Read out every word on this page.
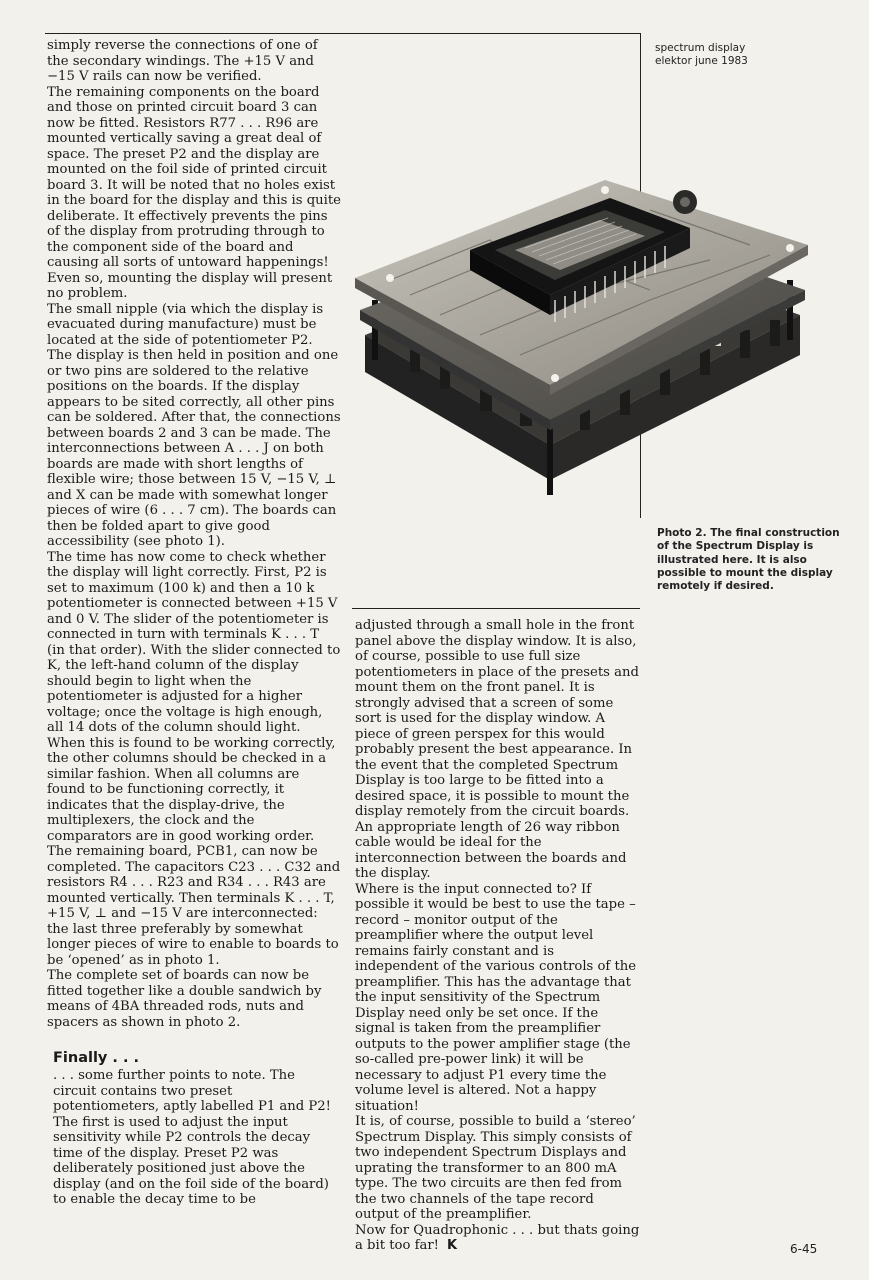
spectrum display
elektor june 1983
Photo 2. The final construction of the Spectrum Display is illustrated here. It is also possible to mount the display remotely if desired.

simply reverse the connections of one of the secondary windings. The +15 V and −15 V rails can now be verified.

The remaining components on the board and those on printed circuit board 3 can now be fitted. Resistors R77 . . . R96 are mounted vertically saving a great deal of space. The preset P2 and the display are mounted on the foil side of printed circuit board 3. It will be noted that no holes exist in the board for the display and this is quite deliberate. It effectively prevents the pins of the display from protruding through to the component side of the board and causing all sorts of untoward happenings! Even so, mounting the display will present no problem.

The small nipple (via which the display is evacuated during manufacture) must be located at the side of potentiometer P2. The display is then held in position and one or two pins are soldered to the relative positions on the boards. If the display appears to be sited correctly, all other pins can be soldered. After that, the connections between boards 2 and 3 can be made. The interconnections between A . . . J on both boards are made with short lengths of flexible wire; those between 15 V, −15 V, ⊥ and X can be made with somewhat longer pieces of wire (6 . . . 7 cm). The boards can then be folded apart to give good accessibility (see photo 1).

The time has now come to check whether the display will light correctly. First, P2 is set to maximum (100 k) and then a 10 k potentiometer is connected between +15 V and 0 V. The slider of the potentiometer is connected in turn with terminals K . . . T (in that order). With the slider connected to K, the left-hand column of the display should begin to light when the potentiometer is adjusted for a higher voltage; once the voltage is high enough, all 14 dots of the column should light. When this is found to be working correctly, the other columns should be checked in a similar fashion. When all columns are found to be functioning correctly, it indicates that the display-drive, the multiplexers, the clock and the comparators are in good working order.

The remaining board, PCB1, can now be completed. The capacitors C23 . . . C32 and resistors R4 . . . R23 and R34 . . . R43 are mounted vertically. Then terminals K . . . T, +15 V, ⊥ and −15 V are interconnected: the last three preferably by somewhat longer pieces of wire to enable to boards to be ‘opened’ as in photo 1.

The complete set of boards can now be fitted together like a double sandwich by means of 4BA threaded rods, nuts and spacers as shown in photo 2.

Finally . . .

. . . some further points to note. The circuit contains two preset potentiometers, aptly labelled P1 and P2! The first is used to adjust the input sensitivity while P2 controls the decay time of the display. Preset P2 was deliberately positioned just above the display (and on the foil side of the board) to enable the decay time to be

adjusted through a small hole in the front panel above the display window. It is also, of course, possible to use full size potentiometers in place of the presets and mount them on the front panel. It is strongly advised that a screen of some sort is used for the display window. A piece of green perspex for this would probably present the best appearance. In the event that the completed Spectrum Display is too large to be fitted into a desired space, it is possible to mount the display remotely from the circuit boards. An appropriate length of 26 way ribbon cable would be ideal for the interconnection between the boards and the display.

Where is the input connected to? If possible it would be best to use the tape – record – monitor output of the preamplifier where the output level remains fairly constant and is independent of the various controls of the preamplifier. This has the advantage that the input sensitivity of the Spectrum Display need only be set once. If the signal is taken from the preamplifier outputs to the power amplifier stage (the so-called pre-power link) it will be necessary to adjust P1 every time the volume level is altered. Not a happy situation!

It is, of course, possible to build a ‘stereo’ Spectrum Display. This simply consists of two independent Spectrum Displays and uprating the transformer to an 800 mA type. The two circuits are then fed from the two channels of the tape record output of the preamplifier.

Now for Quadrophonic . . . but thats going a bit too far! K	6-45
